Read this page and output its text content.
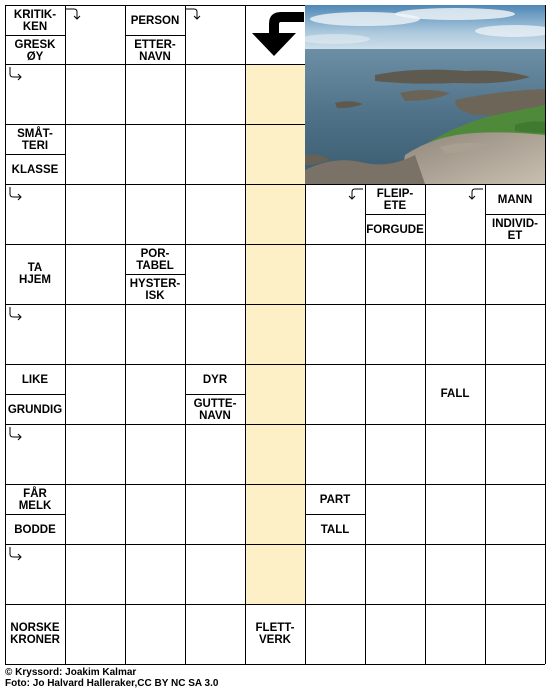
KRITIK-
KEN
GRESK
ØY
PERSON
ETTER-
NAVN
SMÅT-
TERI
KLASSE
FLEIP-
ETE
FORGUDE
MANN
INDIVID-
ET
TA
HJEM
POR-
TABEL
HYSTER-
ISK
LIKE
GRUNDIG
DYR
GUTTE-
NAVN
FALL
FÅR
MELK
BODDE
PART
TALL
NORSKE
KRONER
FLETT-
VERK
© Kryssord: Joakim Kalmar
Foto: Jo Halvard Halleraker,CC BY NC SA 3.0
